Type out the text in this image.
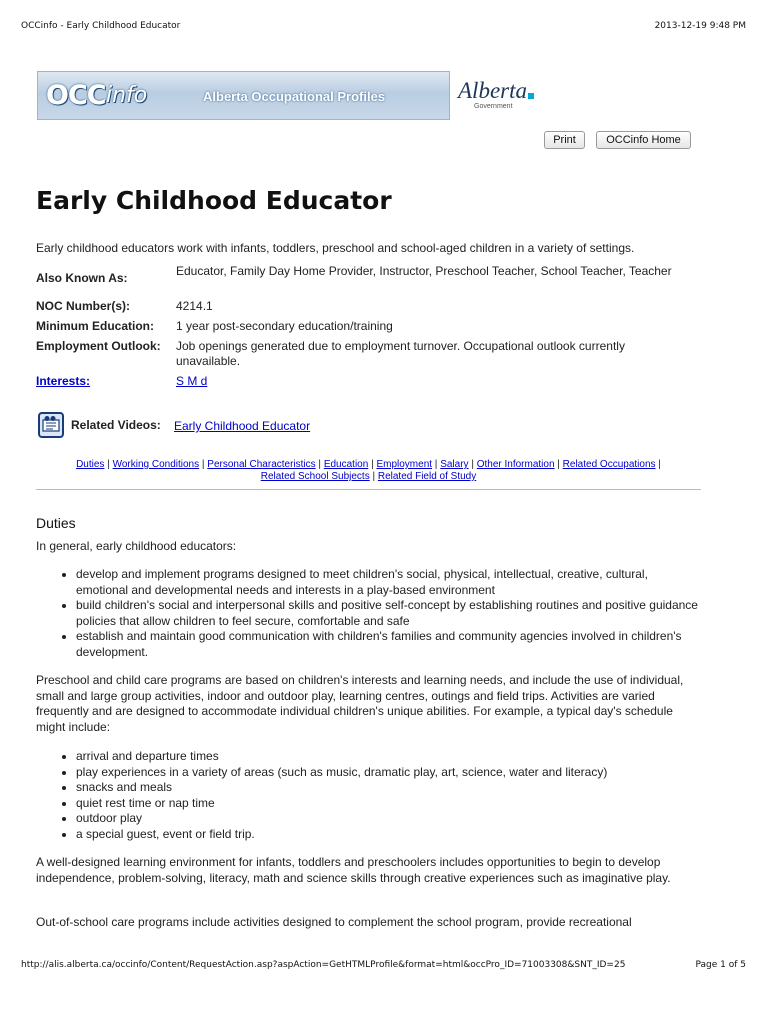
OCCinfo - Early Childhood Educator	2013-12-19 9:48 PM
OCC info	Alberta Occupational Profiles	Alberta
Government
Print	OCCinfo Home
Early Childhood Educator
Early childhood educators work with infants, toddlers, preschool and school-aged children in a variety of settings.
Also Known As:	Educator, Family Day Home Provider, Instructor, Preschool Teacher, School Teacher, Teacher
NOC Number(s):	4214.1
Minimum Education: 1 year post-secondary education/training
Employment Outlook: Job openings generated due to employment turnover. Occupational outlook currently unavailable.
Interests:	S M d
Related Videos: Early Childhood Educator
Duties | Working Conditions | Personal Characteristics | Education | Employment | Salary | Other Information | Related Occupations |
Related School Subjects | Related Field of Study
Duties
In general, early childhood educators:
• develop and implement programs designed to meet children's social, physical, intellectual, creative, cultural, emotional and developmental needs and interests in a play-based environment
• build children's social and interpersonal skills and positive self-concept by establishing routines and positive guidance policies that allow children to feel secure, comfortable and safe
• establish and maintain good communication with children's families and community agencies involved in children's development.
Preschool and child care programs are based on children's interests and learning needs, and include the use of individual, small and large group activities, indoor and outdoor play, learning centres, outings and field trips. Activities are varied frequently and are designed to accommodate individual children's unique abilities. For example, a typical day's schedule might include:
• arrival and departure times
• play experiences in a variety of areas (such as music, dramatic play, art, science, water and literacy)
• snacks and meals
• quiet rest time or nap time
• outdoor play
• a special guest, event or field trip.
A well-designed learning environment for infants, toddlers and preschoolers includes opportunities to begin to develop independence, problem-solving, literacy, math and science skills through creative experiences such as imaginative play.
Out-of-school care programs include activities designed to complement the school program, provide recreational
http://alis.alberta.ca/occinfo/Content/RequestAction.asp?aspAction=GetHTMLProfile&format=html&occPro_ID=71003308&SNT_ID=25	Page 1 of 5
